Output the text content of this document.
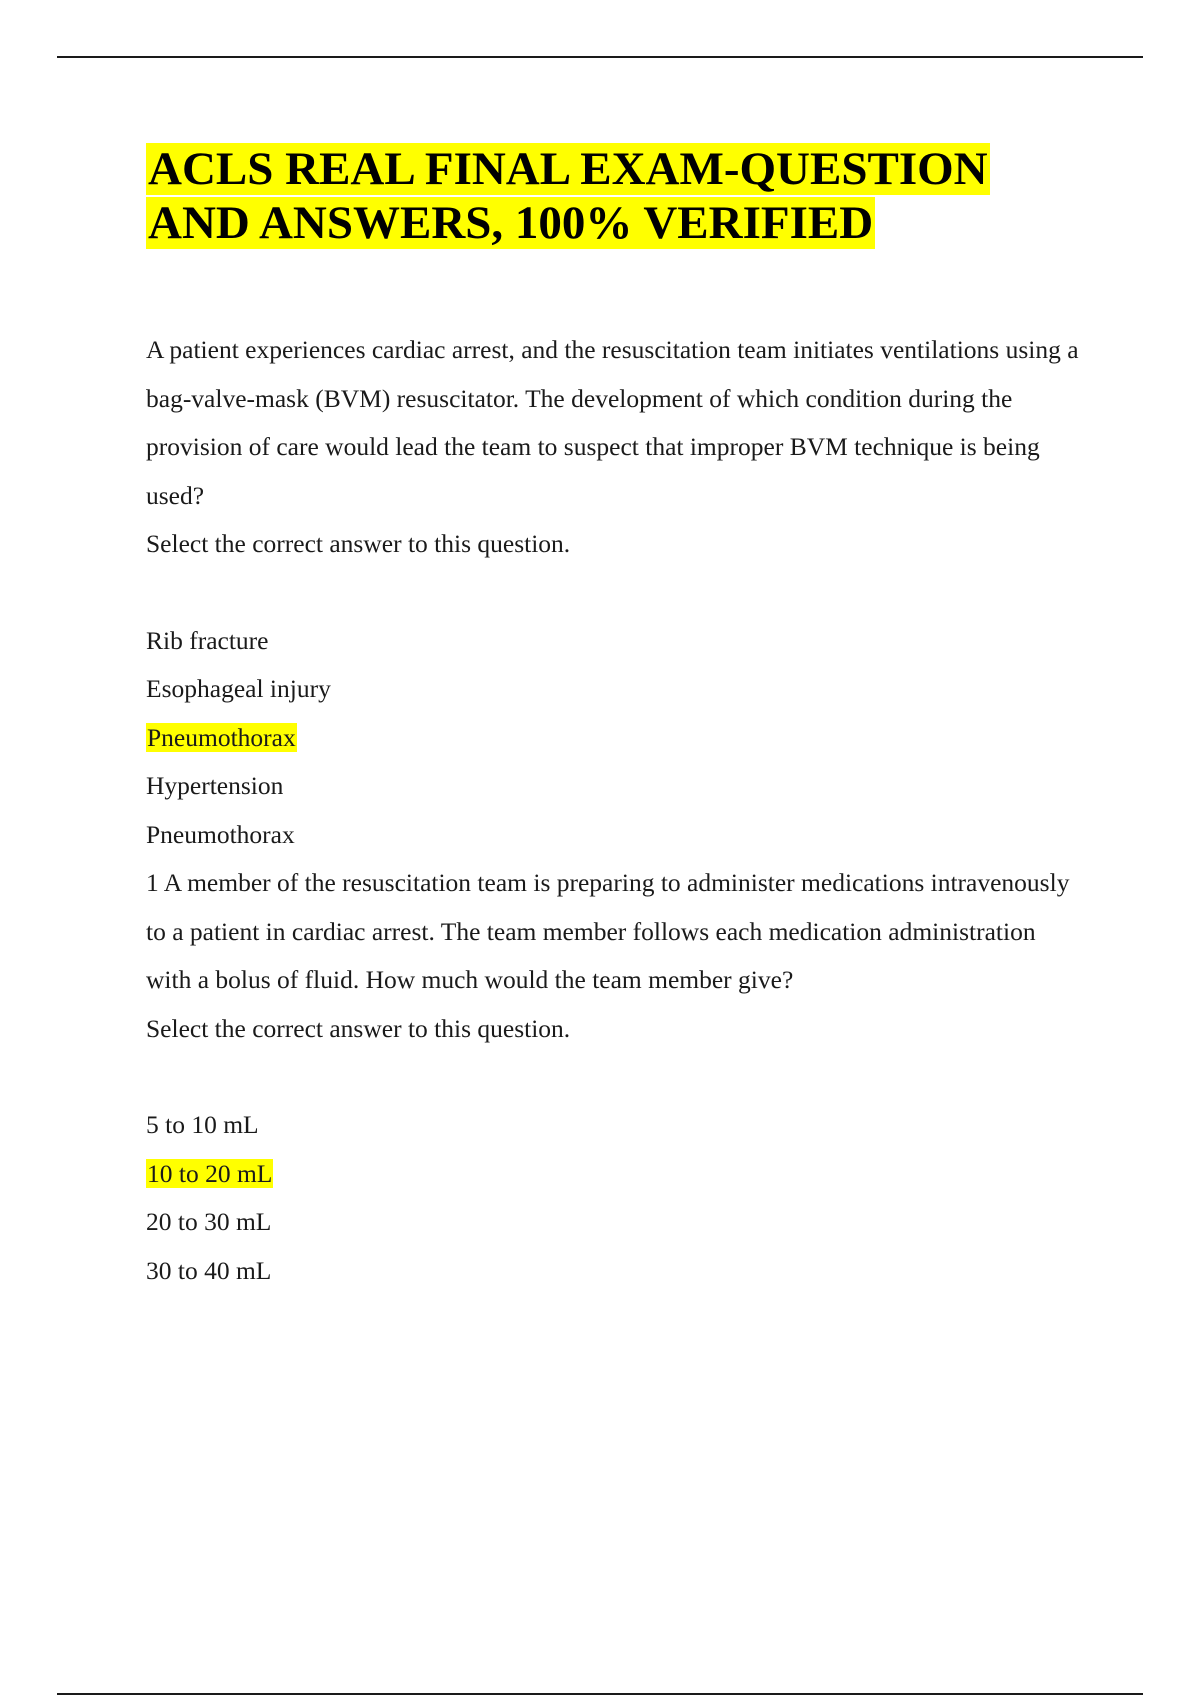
ACLS REAL FINAL EXAM-QUESTION
AND ANSWERS, 100% VERIFIED

A patient experiences cardiac arrest, and the resuscitation team initiates ventilations using a bag-valve-mask (BVM) resuscitator. The development of which condition during the provision of care would lead the team to suspect that improper BVM technique is being used?

Select the correct answer to this question.

Rib fracture

Esophageal injury

Pneumothorax

Hypertension

Pneumothorax

1 A member of the resuscitation team is preparing to administer medications intravenously to a patient in cardiac arrest. The team member follows each medication administration with a bolus of fluid. How much would the team member give?

Select the correct answer to this question.

5 to 10 mL

10 to 20 mL

20 to 30 mL

30 to 40 mL
